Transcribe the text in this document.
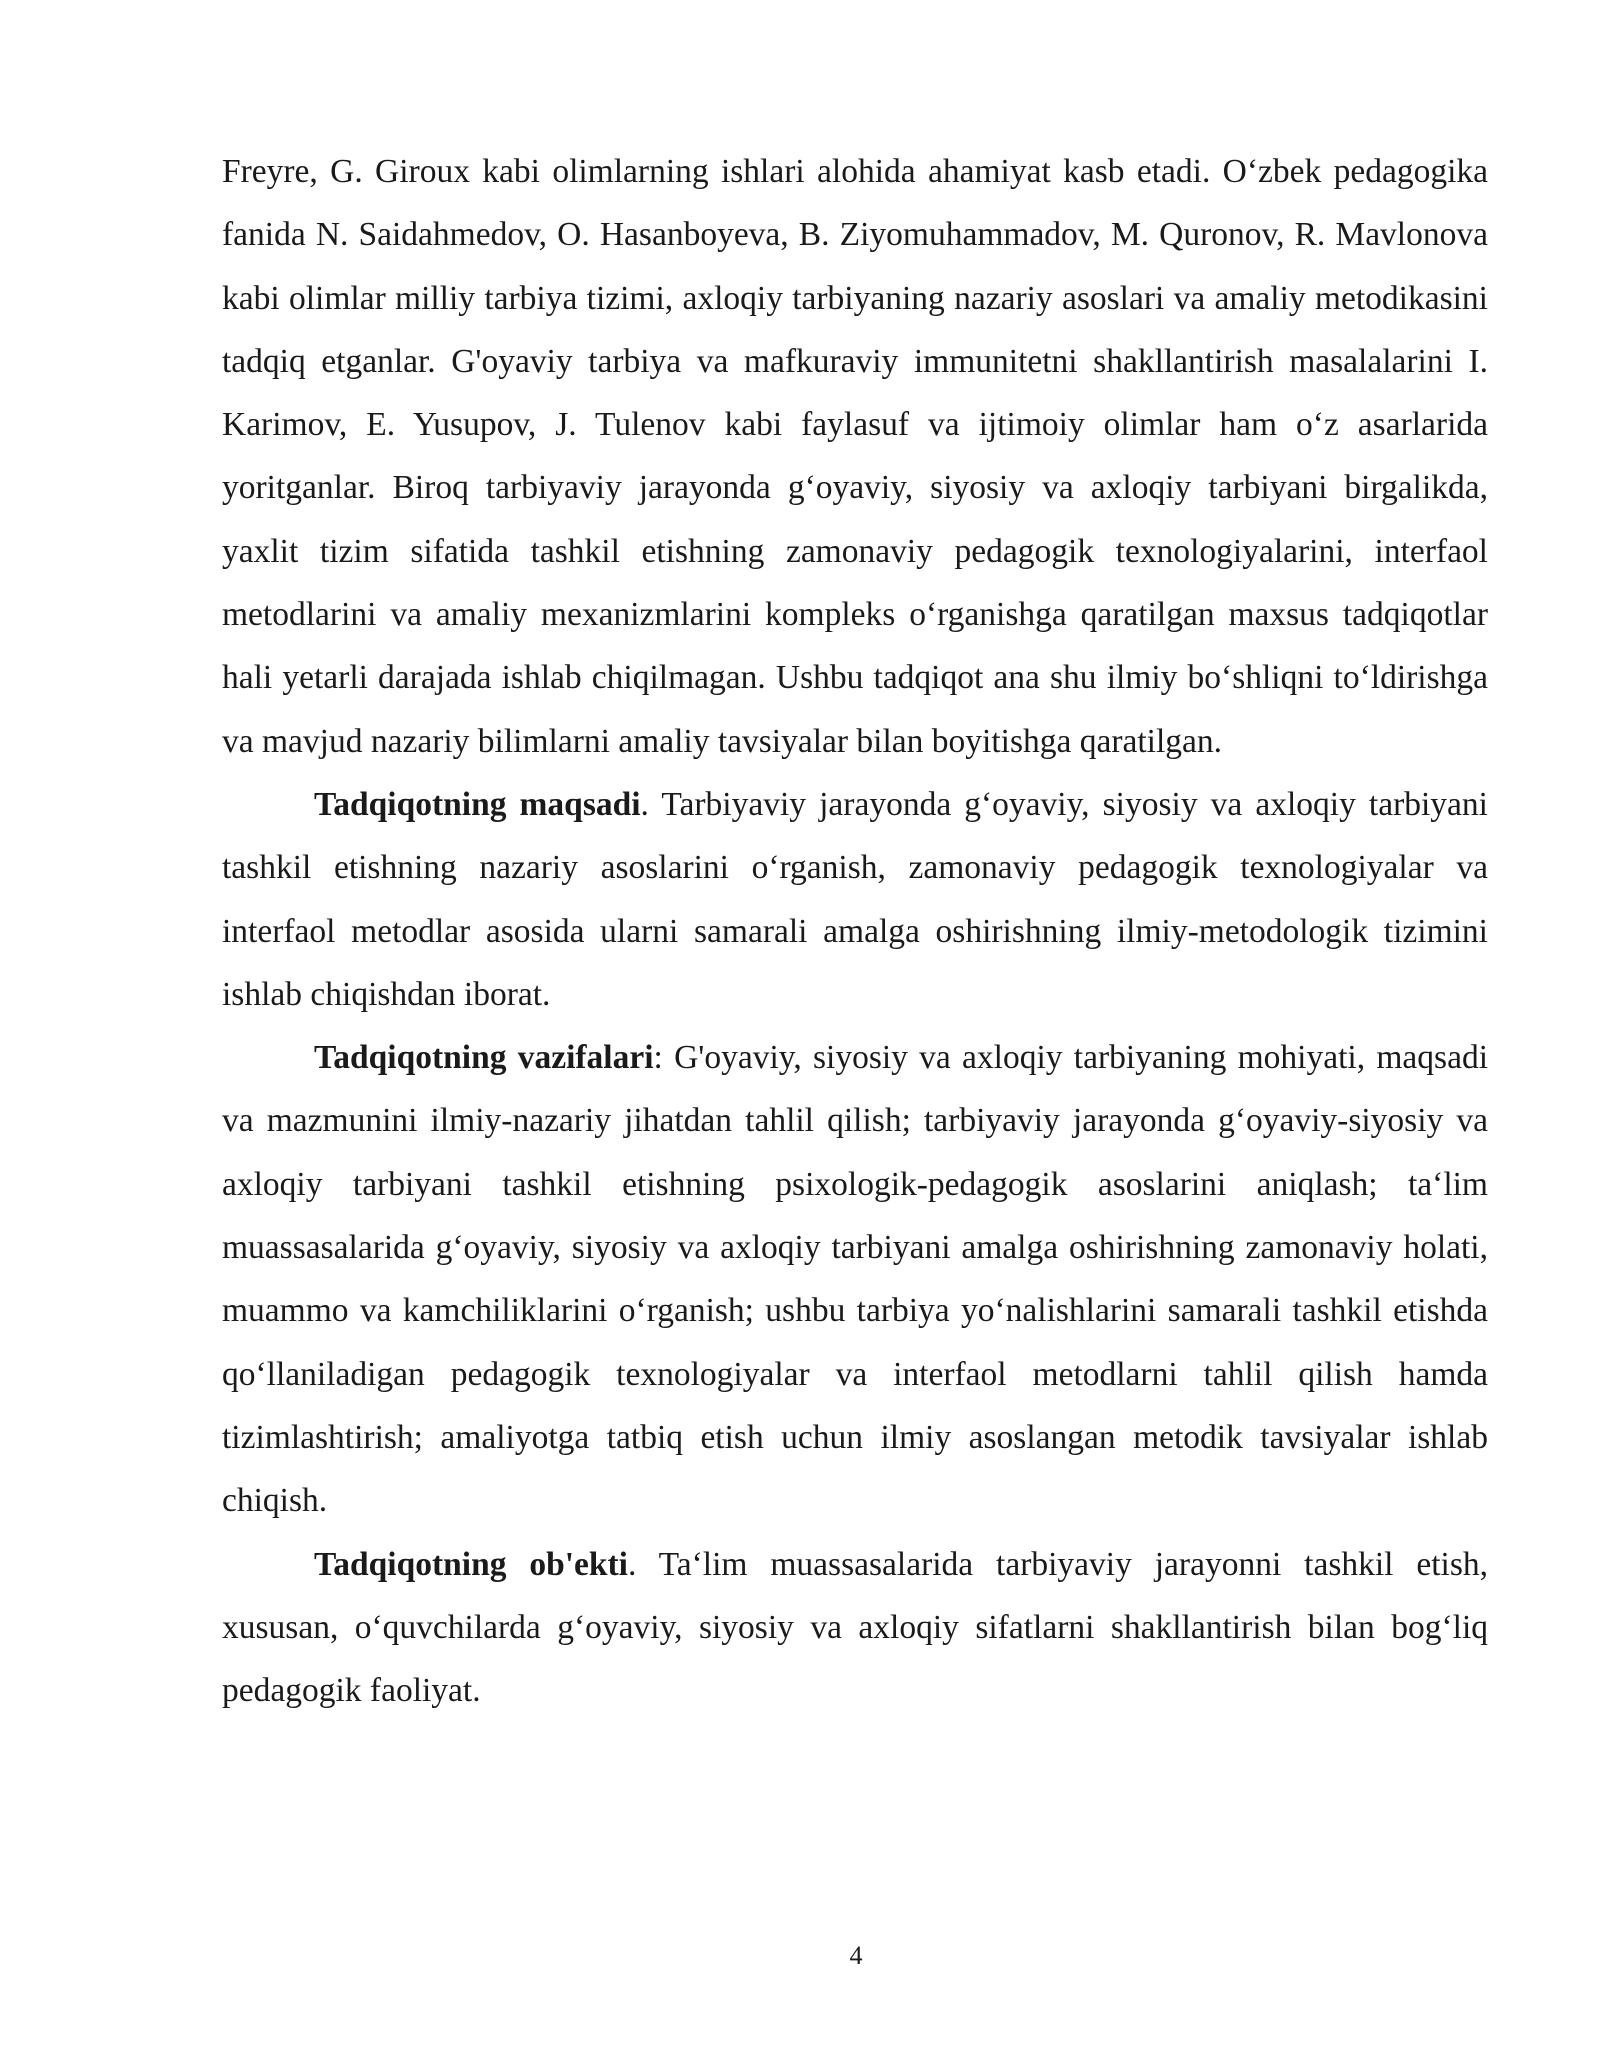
Freyre, G. Giroux kabi olimlarning ishlari alohida ahamiyat kasb etadi. O‘zbek pedagogika fanida N. Saidahmedov, O. Hasanboyeva, B. Ziyomuhammadov, M. Quronov, R. Mavlonova kabi olimlar milliy tarbiya tizimi, axloqiy tarbiyaning nazariy asoslari va amaliy metodikasini tadqiq etganlar. G'oyaviy tarbiya va mafkuraviy immunitetni shakllantirish masalalarini I. Karimov, E. Yusupov, J. Tulenov kabi faylasuf va ijtimoiy olimlar ham o‘z asarlarida yoritganlar. Biroq tarbiyaviy jarayonda g‘oyaviy, siyosiy va axloqiy tarbiyani birgalikda, yaxlit tizim sifatida tashkil etishning zamonaviy pedagogik texnologiyalarini, interfaol metodlarini va amaliy mexanizmlarini kompleks o‘rganishga qaratilgan maxsus tadqiqotlar hali yetarli darajada ishlab chiqilmagan. Ushbu tadqiqot ana shu ilmiy bo‘shliqni to‘ldirishga va mavjud nazariy bilimlarni amaliy tavsiyalar bilan boyitishga qaratilgan.

Tadqiqotning maqsadi. Tarbiyaviy jarayonda g‘oyaviy, siyosiy va axloqiy tarbiyani tashkil etishning nazariy asoslarini o‘rganish, zamonaviy pedagogik texnologiyalar va interfaol metodlar asosida ularni samarali amalga oshirishning ilmiy-metodologik tizimini ishlab chiqishdan iborat.

Tadqiqotning vazifalari: G'oyaviy, siyosiy va axloqiy tarbiyaning mohiyati, maqsadi va mazmunini ilmiy-nazariy jihatdan tahlil qilish; tarbiyaviy jarayonda g‘oyaviy-siyosiy va axloqiy tarbiyani tashkil etishning psixologik-pedagogik asoslarini aniqlash; ta‘lim muassasalarida g‘oyaviy, siyosiy va axloqiy tarbiyani amalga oshirishning zamonaviy holati, muammo va kamchiliklarini o‘rganish; ushbu tarbiya yo‘nalishlarini samarali tashkil etishda qo‘llaniladigan pedagogik texnologiyalar va interfaol metodlarni tahlil qilish hamda tizimlashtirish; amaliyotga tatbiq etish uchun ilmiy asoslangan metodik tavsiyalar ishlab chiqish.

Tadqiqotning ob'ekti. Ta‘lim muassasalarida tarbiyaviy jarayonni tashkil etish, xususan, o‘quvchilarda g‘oyaviy, siyosiy va axloqiy sifatlarni shakllantirish bilan bog‘liq pedagogik faoliyat.

4
